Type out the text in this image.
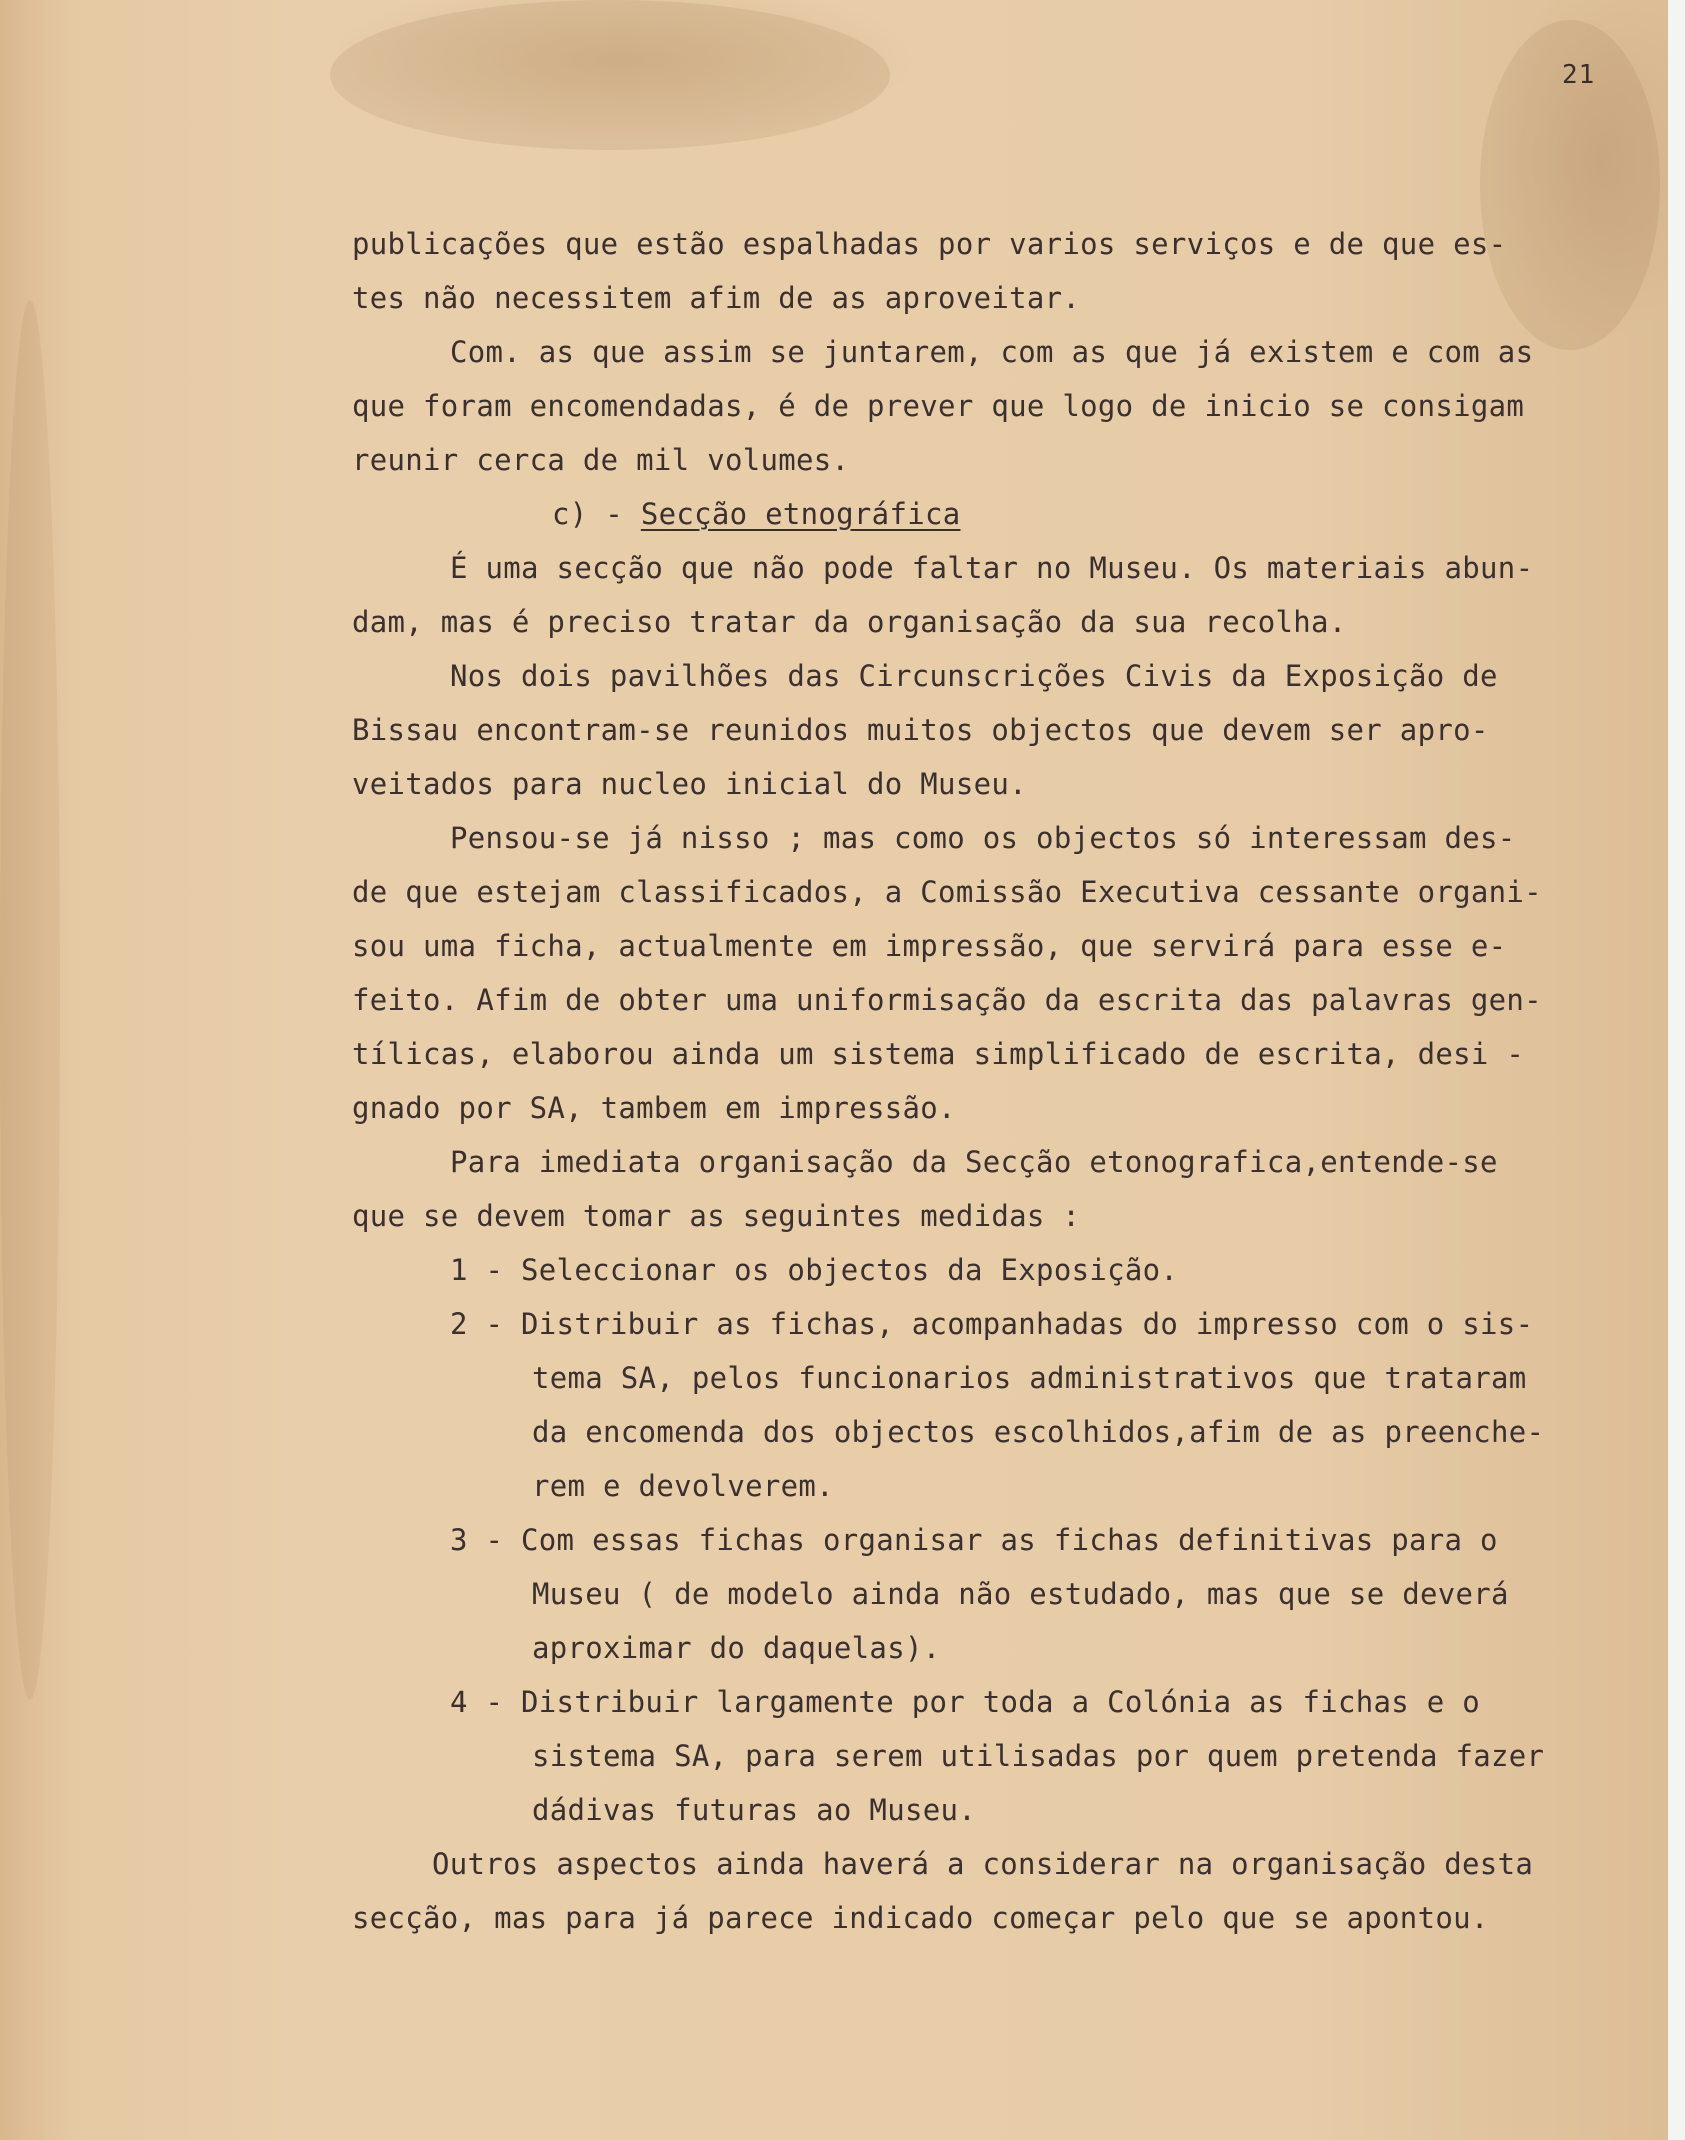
21
publicações que estão espalhadas por varios serviços e de que es-
tes não necessitem afim de as aproveitar.
Com. as que assim se juntarem, com as que já existem e com as
que foram encomendadas, é de prever que logo de inicio se consigam
reunir cerca de mil volumes.
c) - Secção etnográfica
É uma secção que não pode faltar no Museu. Os materiais abun-
dam, mas é preciso tratar da organisação da sua recolha.
Nos dois pavilhões das Circunscrições Civis da Exposição de
Bissau encontram-se reunidos muitos objectos que devem ser apro-
veitados para nucleo inicial do Museu.
Pensou-se já nisso ; mas como os objectos só interessam des-
de que estejam classificados, a Comissão Executiva cessante organi-
sou uma ficha, actualmente em impressão, que servirá para esse e-
feito. Afim de obter uma uniformisação da escrita das palavras gen-
tílicas, elaborou ainda um sistema simplificado de escrita, desi -
gnado por SA, tambem em impressão.
Para imediata organisação da Secção etonografica,entende-se
que se devem tomar as seguintes medidas :
1 - Seleccionar os objectos da Exposição.
2 - Distribuir as fichas, acompanhadas do impresso com o sis-
tema SA, pelos funcionarios administrativos que trataram
da encomenda dos objectos escolhidos,afim de as preenche-
rem e devolverem.
3 - Com essas fichas organisar as fichas definitivas para o
Museu ( de modelo ainda não estudado, mas que se deverá
aproximar do daquelas).
4 - Distribuir largamente por toda a Colónia as fichas e o
sistema SA, para serem utilisadas por quem pretenda fazer
dádivas futuras ao Museu.
Outros aspectos ainda haverá a considerar na organisação desta
secção, mas para já parece indicado começar pelo que se apontou.
